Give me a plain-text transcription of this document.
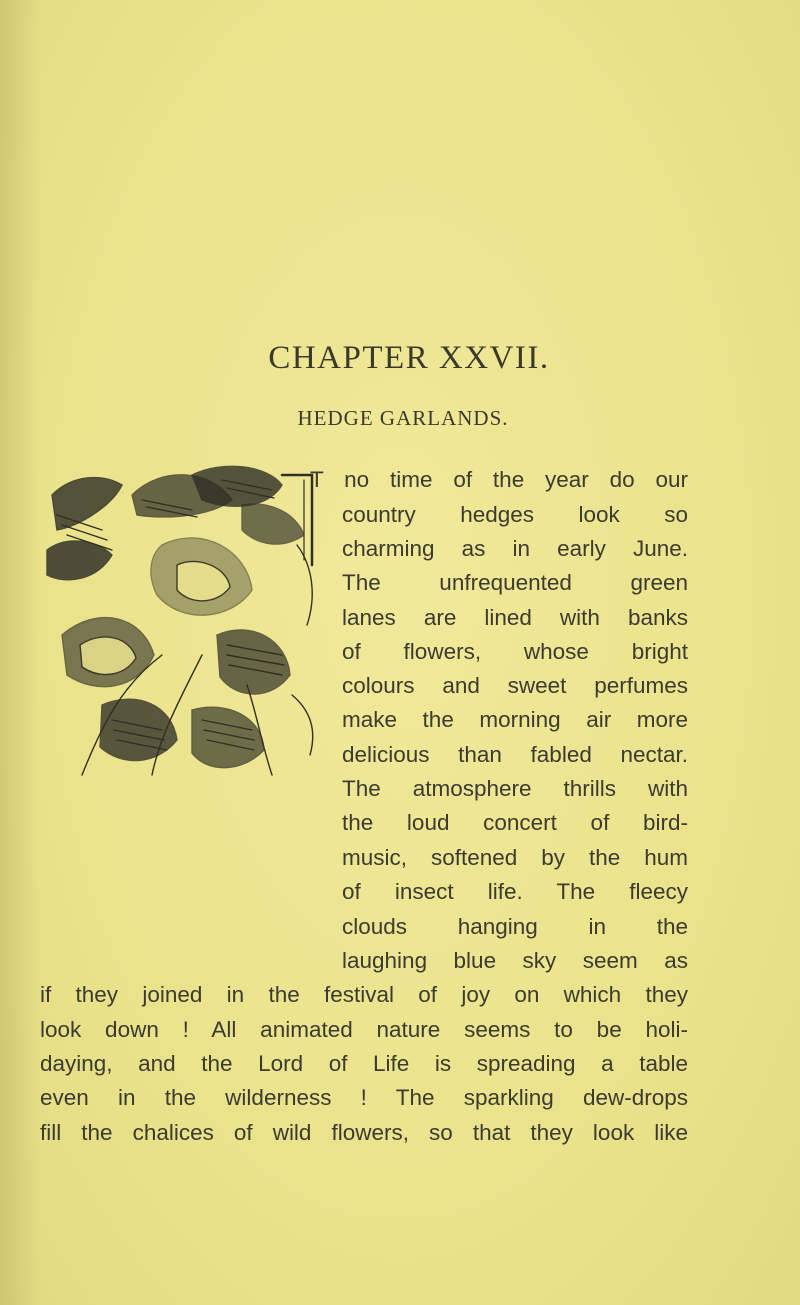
CHAPTER XXVII.
HEDGE GARLANDS.
T no time of the year do our
country hedges look so
charming as in early June.
The unfrequented green
lanes are lined with banks
of flowers, whose bright
colours and sweet perfumes
make the morning air more
delicious than fabled nectar.
The atmosphere thrills with
the loud concert of bird-
music, softened by the hum
of insect life. The fleecy
clouds hanging in the
laughing blue sky seem as
if they joined in the festival of joy on which they
look down ! All animated nature seems to be holi-
daying, and the Lord of Life is spreading a table
even in the wilderness ! The sparkling dew-drops
fill the chalices of wild flowers, so that they look like
